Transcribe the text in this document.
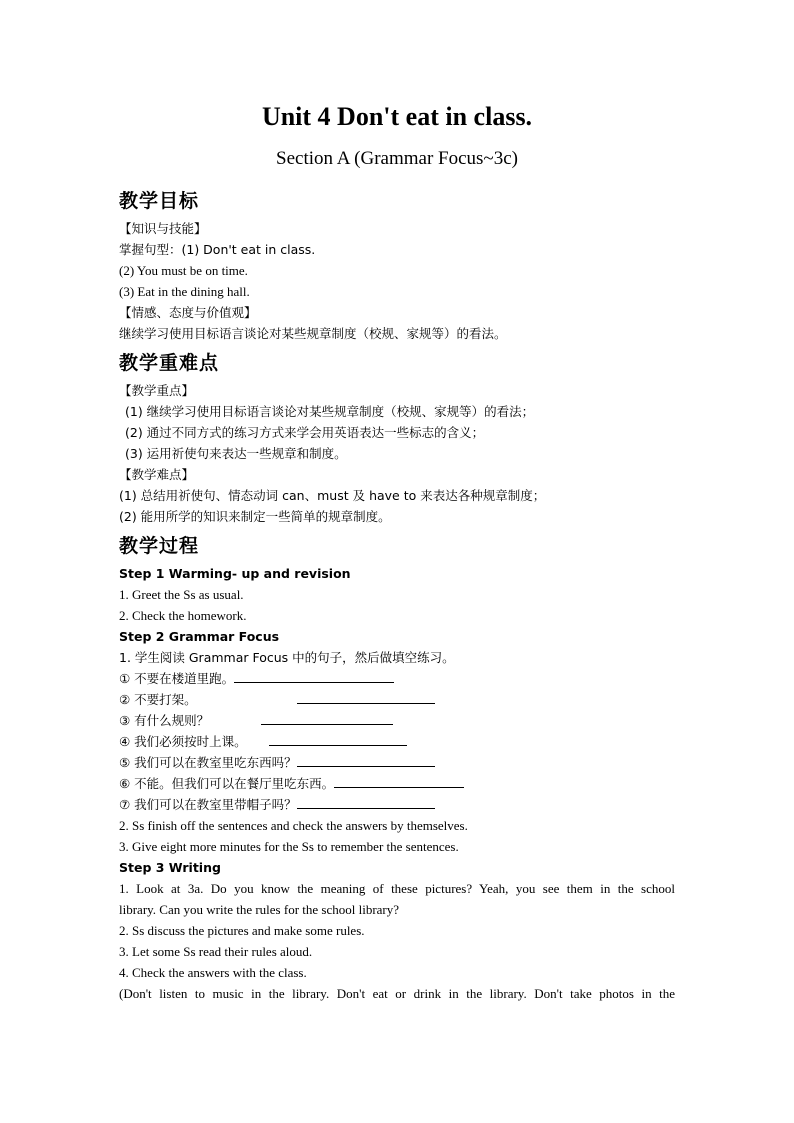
Unit 4 Don't eat in class.
Section A (Grammar Focus~3c)

教学目标

【知识与技能】

掌握句型：(1) Don't eat in class.

(2) You must be on time.

(3) Eat in the dining hall.

【情感、态度与价值观】

继续学习使用目标语言谈论对某些规章制度（校规、家规等）的看法。

教学重难点

【教学重点】

(1) 继续学习使用目标语言谈论对某些规章制度（校规、家规等）的看法；

(2) 通过不同方式的练习方式来学会用英语表达一些标志的含义；

(3) 运用祈使句来表达一些规章和制度。

【教学难点】

(1) 总结用祈使句、情态动词 can、must 及 have to 来表达各种规章制度；

(2) 能用所学的知识来制定一些简单的规章制度。

教学过程

Step 1 Warming- up and revision

1. Greet the Ss as usual.

2. Check the homework.

Step 2 Grammar Focus

1. 学生阅读 Grammar Focus 中的句子，然后做填空练习。

① 不要在楼道里跑。

② 不要打架。

③ 有什么规则？

④ 我们必须按时上课。

⑤ 我们可以在教室里吃东西吗？

⑥ 不能。但我们可以在餐厅里吃东西。

⑦ 我们可以在教室里带帽子吗？

2. Ss finish off the sentences and check the answers by themselves.

3. Give eight more minutes for the Ss to remember the sentences.

Step 3 Writing

1. Look at 3a. Do you know the meaning of these pictures? Yeah, you see them in the school

library. Can you write the rules for the school library?

2. Ss discuss the pictures and make some rules.

3. Let some Ss read their rules aloud.

4. Check the answers with the class.

(Don't listen to music in the library. Don't eat or drink in the library. Don't take photos in the
